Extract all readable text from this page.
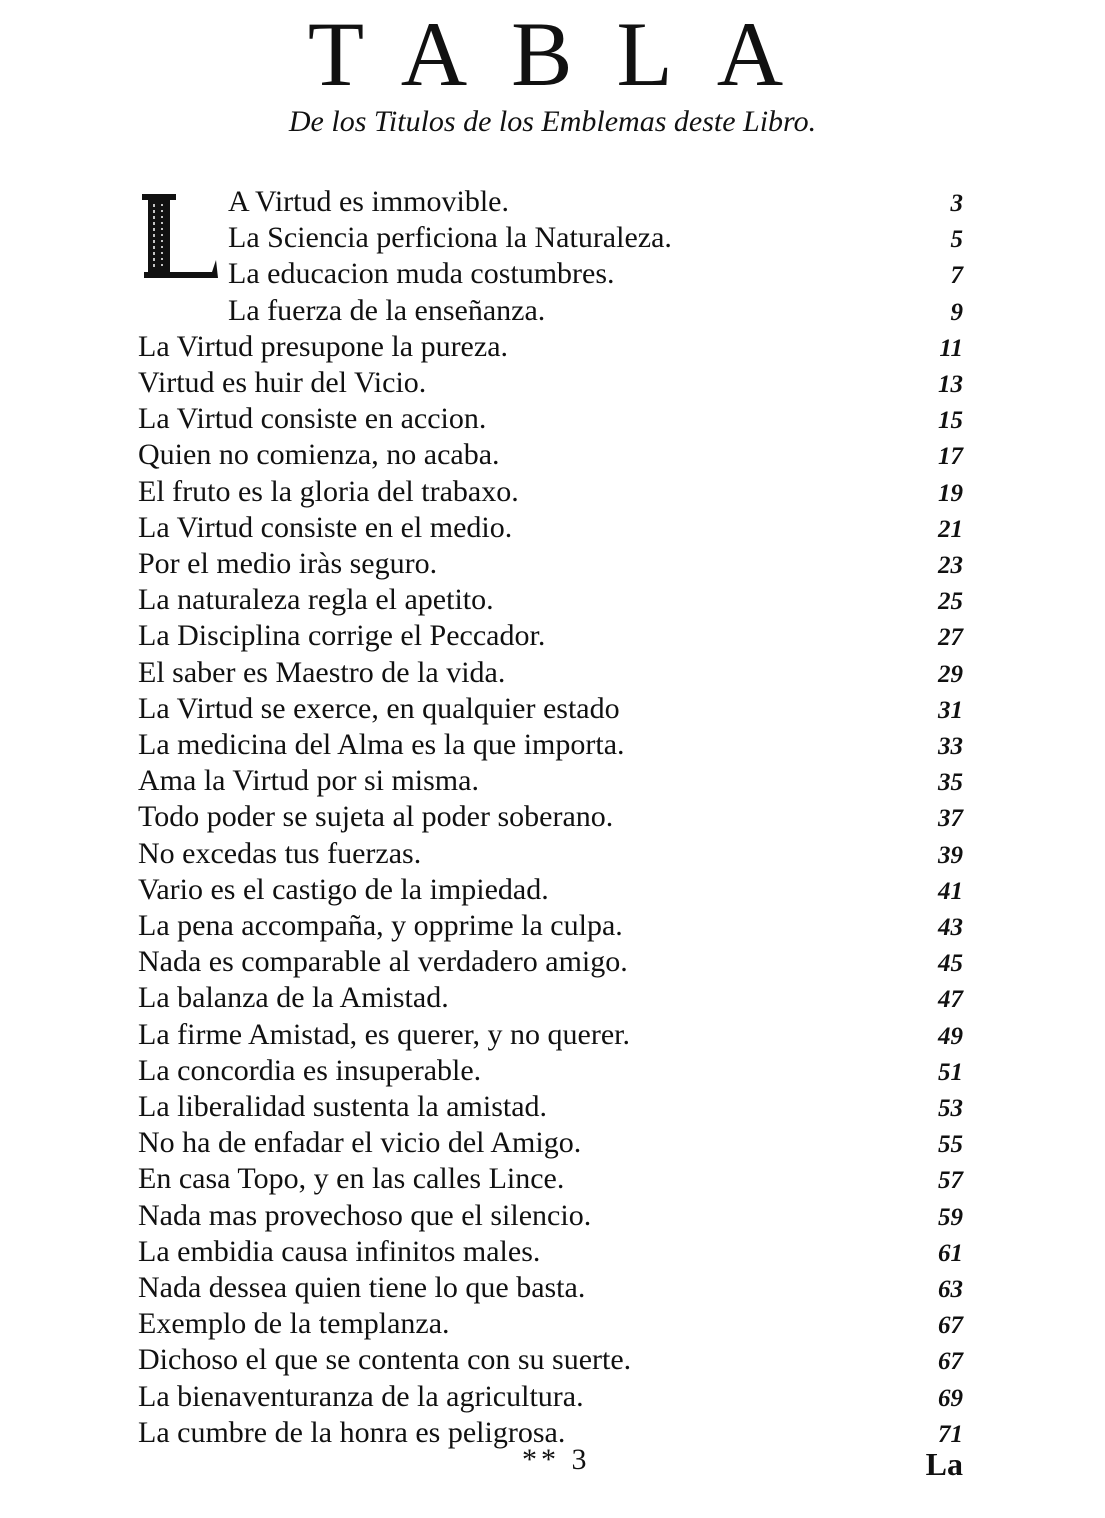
TABLA
De los Titulos de los Emblemas deste Libro.
A Virtud es immovible.	3
La Sciencia perficiona la Naturaleza.	5
La educacion muda costumbres.	7
La fuerza de la enseñanza.	9
La Virtud presupone la pureza.	11
Virtud es huir del Vicio.	13
La Virtud consiste en accion.	15
Quien no comienza, no acaba.	17
El fruto es la gloria del trabaxo.	19
La Virtud consiste en el medio.	21
Por el medio iràs seguro.	23
La naturaleza regla el apetito.	25
La Disciplina corrige el Peccador.	27
El saber es Maestro de la vida.	29
La Virtud se exerce, en qualquier estado	31
La medicina del Alma es la que importa.	33
Ama la Virtud por si misma.	35
Todo poder se sujeta al poder soberano.	37
No excedas tus fuerzas.	39
Vario es el castigo de la impiedad.	41
La pena accompaña, y opprime la culpa.	43
Nada es comparable al verdadero amigo.	45
La balanza de la Amistad.	47
La firme Amistad, es querer, y no querer.	49
La concordia es insuperable.	51
La liberalidad sustenta la amistad.	53
No ha de enfadar el vicio del Amigo.	55
En casa Topo, y en las calles Lince.	57
Nada mas provechoso que el silencio.	59
La embidia causa infinitos males.	61
Nada dessea quien tiene lo que basta.	63
Exemplo de la templanza.	67
Dichoso el que se contenta con su suerte.	67
La bienaventuranza de la agricultura.	69
La cumbre de la honra es peligrosa.	71
** 3	La
